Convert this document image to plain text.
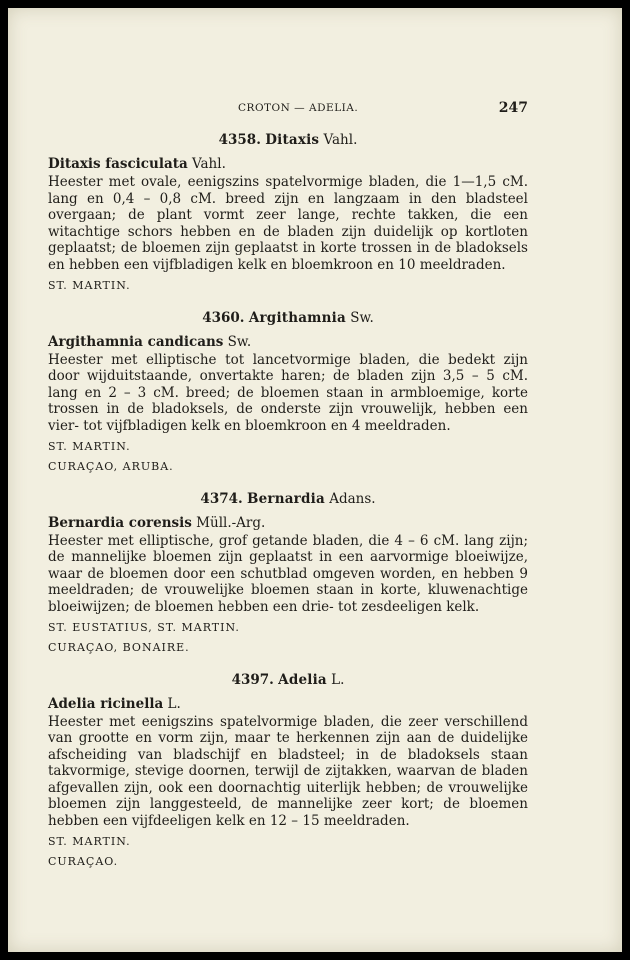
CROTON — ADELIA.	247

4358. Ditaxis Vahl.

Ditaxis fasciculata Vahl.

Heester met ovale, eenigszins spatelvormige bladen, die 1—1,5 cM. lang en 0,4 – 0,8 cM. breed zijn en langzaam in den bladsteel overgaan; de plant vormt zeer lange, rechte takken, die een witachtige schors hebben en de bladen zijn duidelijk op kortloten geplaatst; de bloemen zijn geplaatst in korte trossen in de bladoksels en hebben een vijfbladigen kelk en bloemkroon en 10 meeldraden.

ST. MARTIN.

4360. Argithamnia Sw.

Argithamnia candicans Sw.

Heester met elliptische tot lancetvormige bladen, die bedekt zijn door wijduitstaande, onvertakte haren; de bladen zijn 3,5 – 5 cM. lang en 2 – 3 cM. breed; de bloemen staan in armbloemige, korte trossen in de bladoksels, de onderste zijn vrouwelijk, hebben een vier- tot vijfbladigen kelk en bloemkroon en 4 meeldraden.

ST. MARTIN.

CURAÇAO, ARUBA.

4374. Bernardia Adans.

Bernardia corensis Müll.-Arg.

Heester met elliptische, grof getande bladen, die 4 – 6 cM. lang zijn; de mannelijke bloemen zijn geplaatst in een aarvormige bloeiwijze, waar de bloemen door een schutblad omgeven worden, en hebben 9 meeldraden; de vrouwelijke bloemen staan in korte, kluwenachtige bloeiwijzen; de bloemen hebben een drie- tot zesdeeligen kelk.

ST. EUSTATIUS, ST. MARTIN.

CURAÇAO, BONAIRE.

4397. Adelia L.

Adelia ricinella L.

Heester met eenigszins spatelvormige bladen, die zeer verschillend van grootte en vorm zijn, maar te herkennen zijn aan de duidelijke afscheiding van bladschijf en bladsteel; in de bladoksels staan takvormige, stevige doornen, terwijl de zijtakken, waarvan de bladen afgevallen zijn, ook een doornachtig uiterlijk hebben; de vrouwelijke bloemen zijn langgesteeld, de mannelijke zeer kort; de bloemen hebben een vijfdeeligen kelk en 12 – 15 meeldraden.

ST. MARTIN.

CURAÇAO.
